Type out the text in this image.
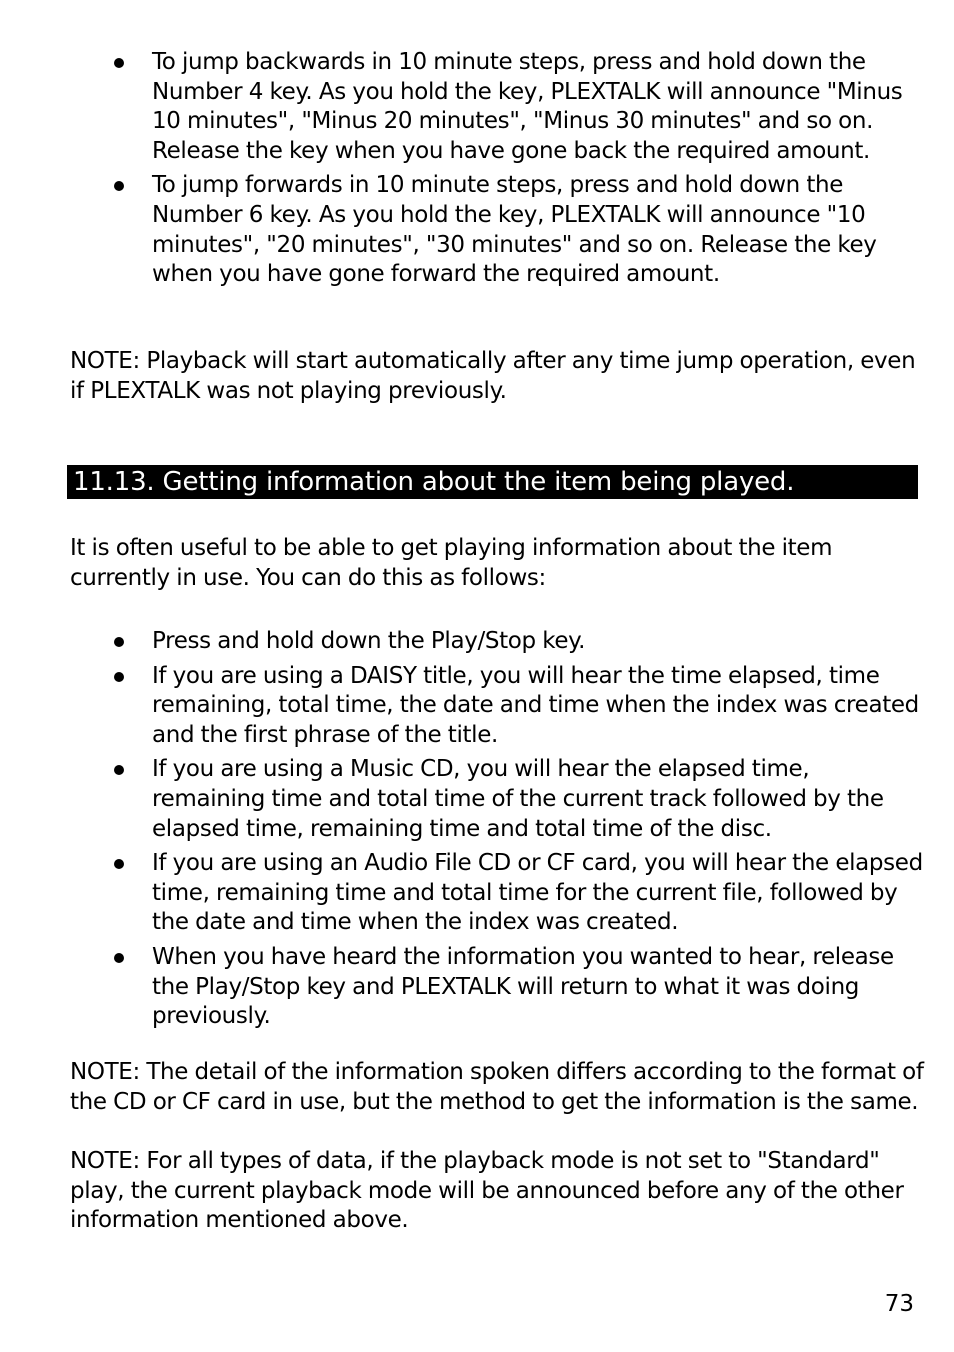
To jump backwards in 10 minute steps, press and hold down the Number 4 key. As you hold the key, PLEXTALK will announce "Minus 10 minutes", "Minus 20 minutes", "Minus 30 minutes" and so on. Release the key when you have gone back the required amount.
To jump forwards in 10 minute steps, press and hold down the Number 6 key. As you hold the key, PLEXTALK will announce "10 minutes", "20 minutes", "30 minutes" and so on. Release the key when you have gone forward the required amount.

NOTE: Playback will start automatically after any time jump operation, even if PLEXTALK was not playing previously.

11.13. Getting information about the item being played.

It is often useful to be able to get playing information about the item currently in use. You can do this as follows:

Press and hold down the Play/Stop key.
If you are using a DAISY title, you will hear the time elapsed, time remaining, total time, the date and time when the index was created and the first phrase of the title.
If you are using a Music CD, you will hear the elapsed time, remaining time and total time of the current track followed by the elapsed time, remaining time and total time of the disc.
If you are using an Audio File CD or CF card, you will hear the elapsed time, remaining time and total time for the current file, followed by the date and time when the index was created.
When you have heard the information you wanted to hear, release the Play/Stop key and PLEXTALK will return to what it was doing previously.

NOTE: The detail of the information spoken differs according to the format of the CD or CF card in use, but the method to get the information is the same.

NOTE: For all types of data, if the playback mode is not set to "Standard" play, the current playback mode will be announced before any of the other information mentioned above.

73
